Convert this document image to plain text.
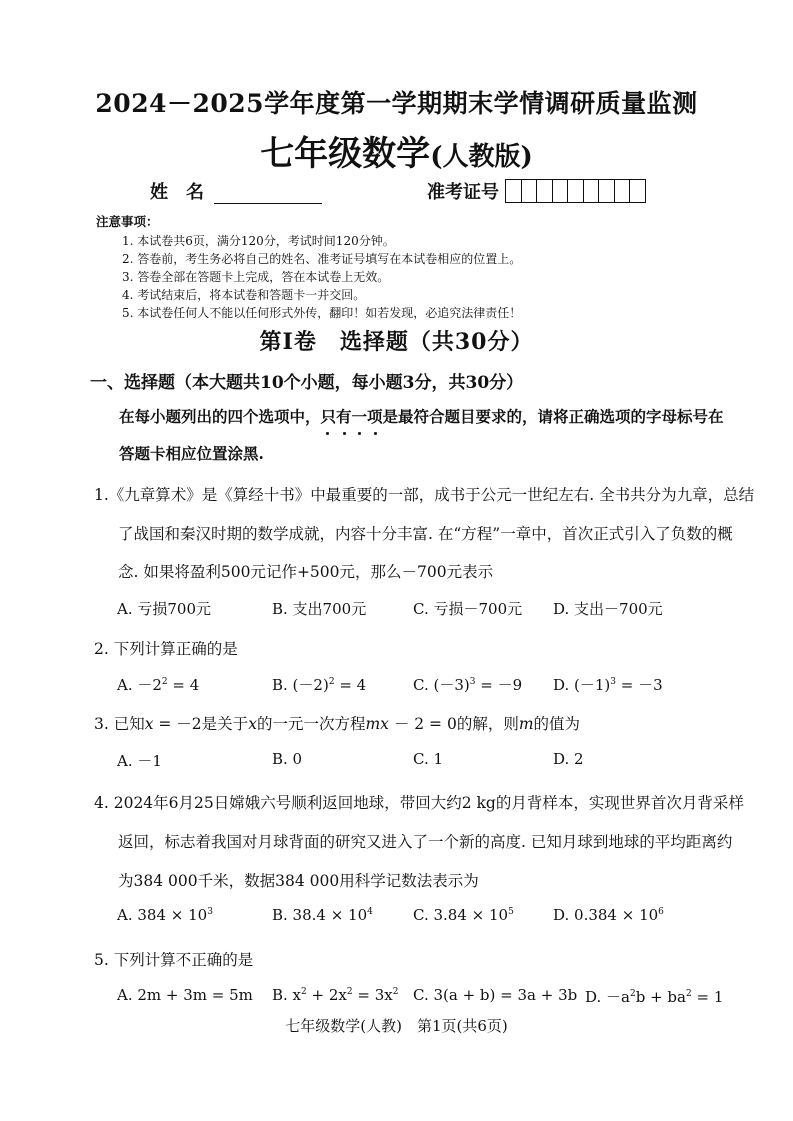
2024－2025学年度第一学期期末学情调研质量监测
七年级数学(人教版)
姓　名	准考证号
注意事项：
1. 本试卷共6页，满分120分，考试时间120分钟。
2. 答卷前，考生务必将自己的姓名、准考证号填写在本试卷相应的位置上。
3. 答卷全部在答题卡上完成，答在本试卷上无效。
4. 考试结束后，将本试卷和答题卡一并交回。
5. 本试卷任何人不能以任何形式外传，翻印！如若发现，必追究法律责任！
第Ⅰ卷　选择题（共30分）
一、选择题（本大题共10个小题，每小题3分，共30分）
在每小题列出的四个选项中，只有一项
是最符合题目要求的，请将正确选项的字母标号在
答题卡相应位置涂黑.
1.《九章算术》是《算经十书》中最重要的一部，成书于公元一世纪左右. 全书共分为九章，总结
了战国和秦汉时期的数学成就，内容十分丰富. 在“方程”一章中，首次正式引入了负数的概
念. 如果将盈利500元记作+500元，那么－700元表示
A. 亏损700元	B. 支出700元	C. 亏损－700元 D. 支出－700元
2. 下列计算正确的是
A. $-2^2 = 4$	B. $(-2)^2 = 4$	C. $(-3)^3 = -9$ D. $(-1)^3 = -3$
3. 已知x = －2是关于x的一元一次方程mx － 2 = 0的解，则m的值为
A. －1	B. 0	C. 1	D. 2
4. 2024年6月25日嫦娥六号顺利返回地球，带回大约2 kg的月背样本，实现世界首次月背采样
返回，标志着我国对月球背面的研究又进入了一个新的高度. 已知月球到地球的平均距离约
为384 000千米，数据384 000用科学记数法表示为
A. $384 \times 10^3$	B. $38.4 \times 10^4$	C. $3.84 \times 10^5$	D. $0.384 \times 10^6$
5. 下列计算不正确的是
A. 2m + 3m = 5m B. $x^2 + 2x^2 = 3x^2$ C. 3(a + b) = 3a + 3b D. $-a^2b + ba^2 = 1$
七年级数学(人教)　第1页(共6页)
